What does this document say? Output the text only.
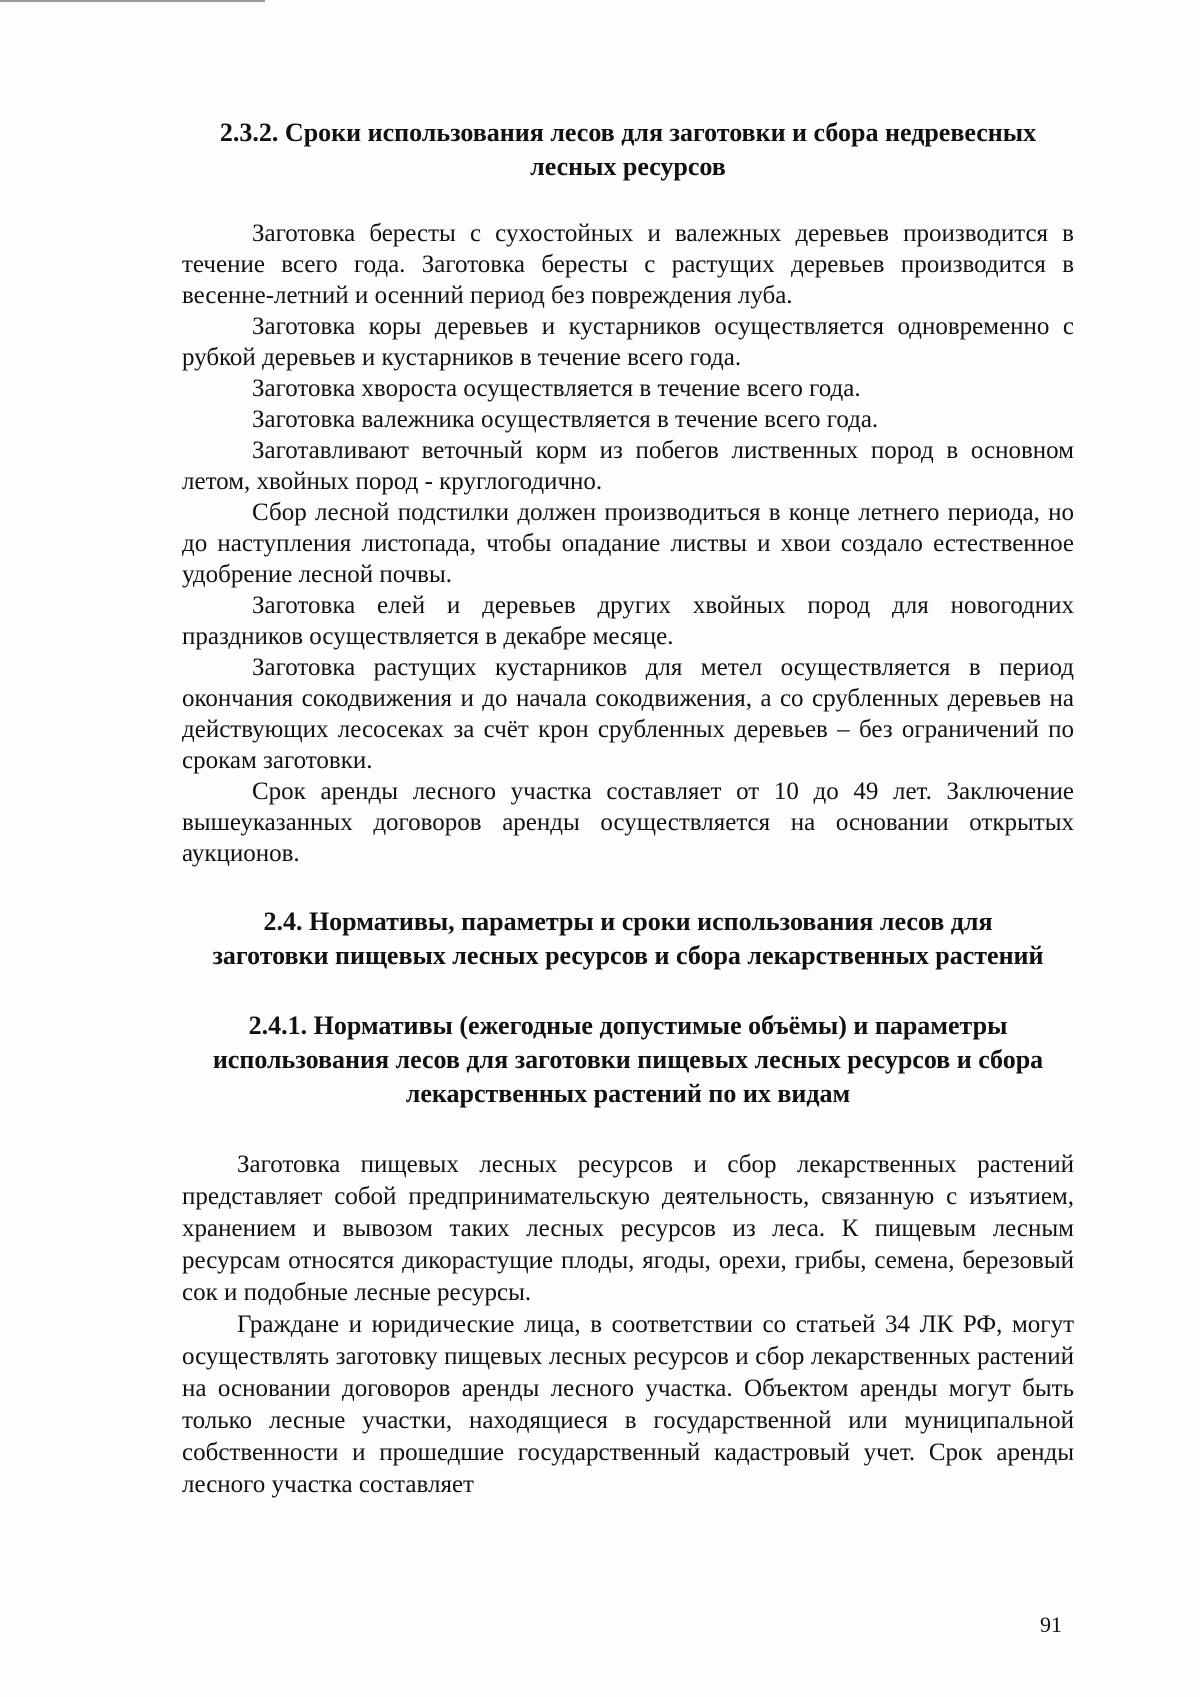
2.3.2. Сроки использования лесов для заготовки и сбора недревесных лесных ресурсов

Заготовка бересты с сухостойных и валежных деревьев производится в течение всего года. Заготовка бересты с растущих деревьев производится в весенне-летний и осенний период без повреждения луба.

Заготовка коры деревьев и кустарников осуществляется одновременно с рубкой деревьев и кустарников в течение всего года.

Заготовка хвороста осуществляется в течение всего года.

Заготовка валежника осуществляется в течение всего года.

Заготавливают веточный корм из побегов лиственных пород в основном летом, хвойных пород - круглогодично.

Сбор лесной подстилки должен производиться в конце летнего периода, но до наступления листопада, чтобы опадание листвы и хвои создало естественное удобрение лесной почвы.

Заготовка елей и деревьев других хвойных пород для новогодних праздников осуществляется в декабре месяце.

Заготовка растущих кустарников для метел осуществляется в период окончания сокодвижения и до начала сокодвижения, а со срубленных деревьев на действующих лесосеках за счёт крон срубленных деревьев – без ограничений по срокам заготовки.

Срок аренды лесного участка составляет от 10 до 49 лет. Заключение вышеуказанных договоров аренды осуществляется на основании открытых аукционов.

2.4. Нормативы, параметры и сроки использования лесов для заготовки пищевых лесных ресурсов и сбора лекарственных растений
2.4.1. Нормативы (ежегодные допустимые объёмы) и параметры использования лесов для заготовки пищевых лесных ресурсов и сбора лекарственных растений по их видам

Заготовка пищевых лесных ресурсов и сбор лекарственных растений представляет собой предпринимательскую деятельность, связанную с изъятием, хранением и вывозом таких лесных ресурсов из леса. К пищевым лесным ресурсам относятся дикорастущие плоды, ягоды, орехи, грибы, семена, березовый сок и подобные лесные ресурсы.

Граждане и юридические лица, в соответствии со статьей 34 ЛК РФ, могут осуществлять заготовку пищевых лесных ресурсов и сбор лекарственных растений на основании договоров аренды лесного участка. Объектом аренды могут быть только лесные участки, находящиеся в государственной или муниципальной собственности и прошедшие государственный кадастровый учет. Срок аренды лесного участка составляет

91
